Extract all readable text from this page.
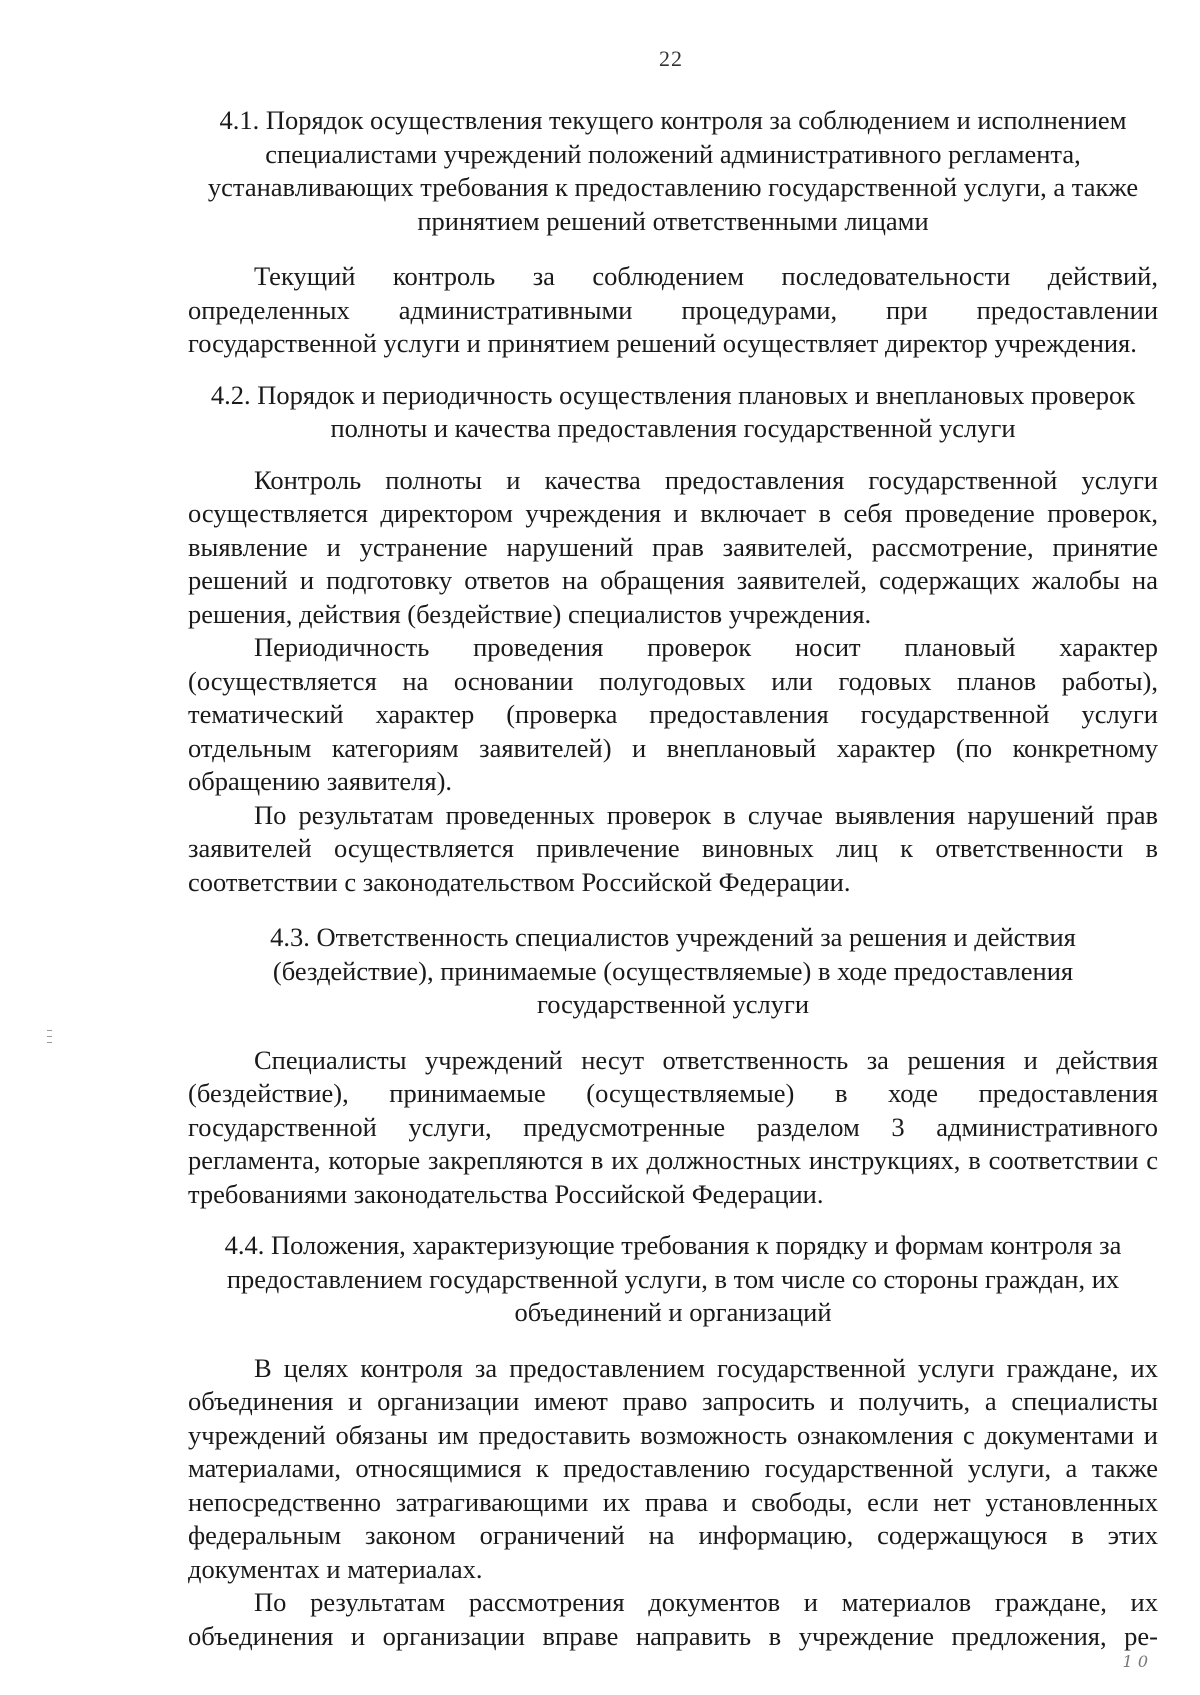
22

4.1. Порядок осуществления текущего контроля за соблюдением и исполнением специалистами учреждений положений административного регламента, устанавливающих требования к предоставлению государственной услуги, а также принятием решений ответственными лицами

Текущий контроль за соблюдением последовательности действий, определенных административными процедурами, при предоставлении государственной услуги и принятием решений осуществляет директор учреждения.

4.2. Порядок и периодичность осуществления плановых и внеплановых проверок полноты и качества предоставления государственной услуги

Контроль полноты и качества предоставления государственной услуги осуществляется директором учреждения и включает в себя проведение проверок, выявление и устранение нарушений прав заявителей, рассмотрение, принятие решений и подготовку ответов на обращения заявителей, содержащих жалобы на решения, действия (бездействие) специалистов учреждения.

Периодичность проведения проверок носит плановый характер (осуществляется на основании полугодовых или годовых планов работы), тематический характер (проверка предоставления государственной услуги отдельным категориям заявителей) и внеплановый характер (по конкретному обращению заявителя).

По результатам проведенных проверок в случае выявления нарушений прав заявителей осуществляется привлечение виновных лиц к ответственности в соответствии с законодательством Российской Федерации.

4.3. Ответственность специалистов учреждений за решения и действия (бездействие), принимаемые (осуществляемые) в ходе предоставления государственной услуги

Специалисты учреждений несут ответственность за решения и действия (бездействие), принимаемые (осуществляемые) в ходе предоставления государственной услуги, предусмотренные разделом 3 административного регламента, которые закрепляются в их должностных инструкциях, в соответствии с требованиями законодательства Российской Федерации.

4.4. Положения, характеризующие требования к порядку и формам контроля за предоставлением государственной услуги, в том числе со стороны граждан, их объединений и организаций

В целях контроля за предоставлением государственной услуги граждане, их объединения и организации имеют право запросить и получить, а специалисты учреждений обязаны им предоставить возможность ознакомления с документами и материалами, относящимися к предоставлению государственной услуги, а также непосредственно затрагивающими их права и свободы, если нет установленных федеральным законом ограничений на информацию, содержащуюся в этих документах и материалах.

По результатам рассмотрения документов и материалов граждане, их объединения и организации вправе направить в учреждение предложения, ре-

1 0
